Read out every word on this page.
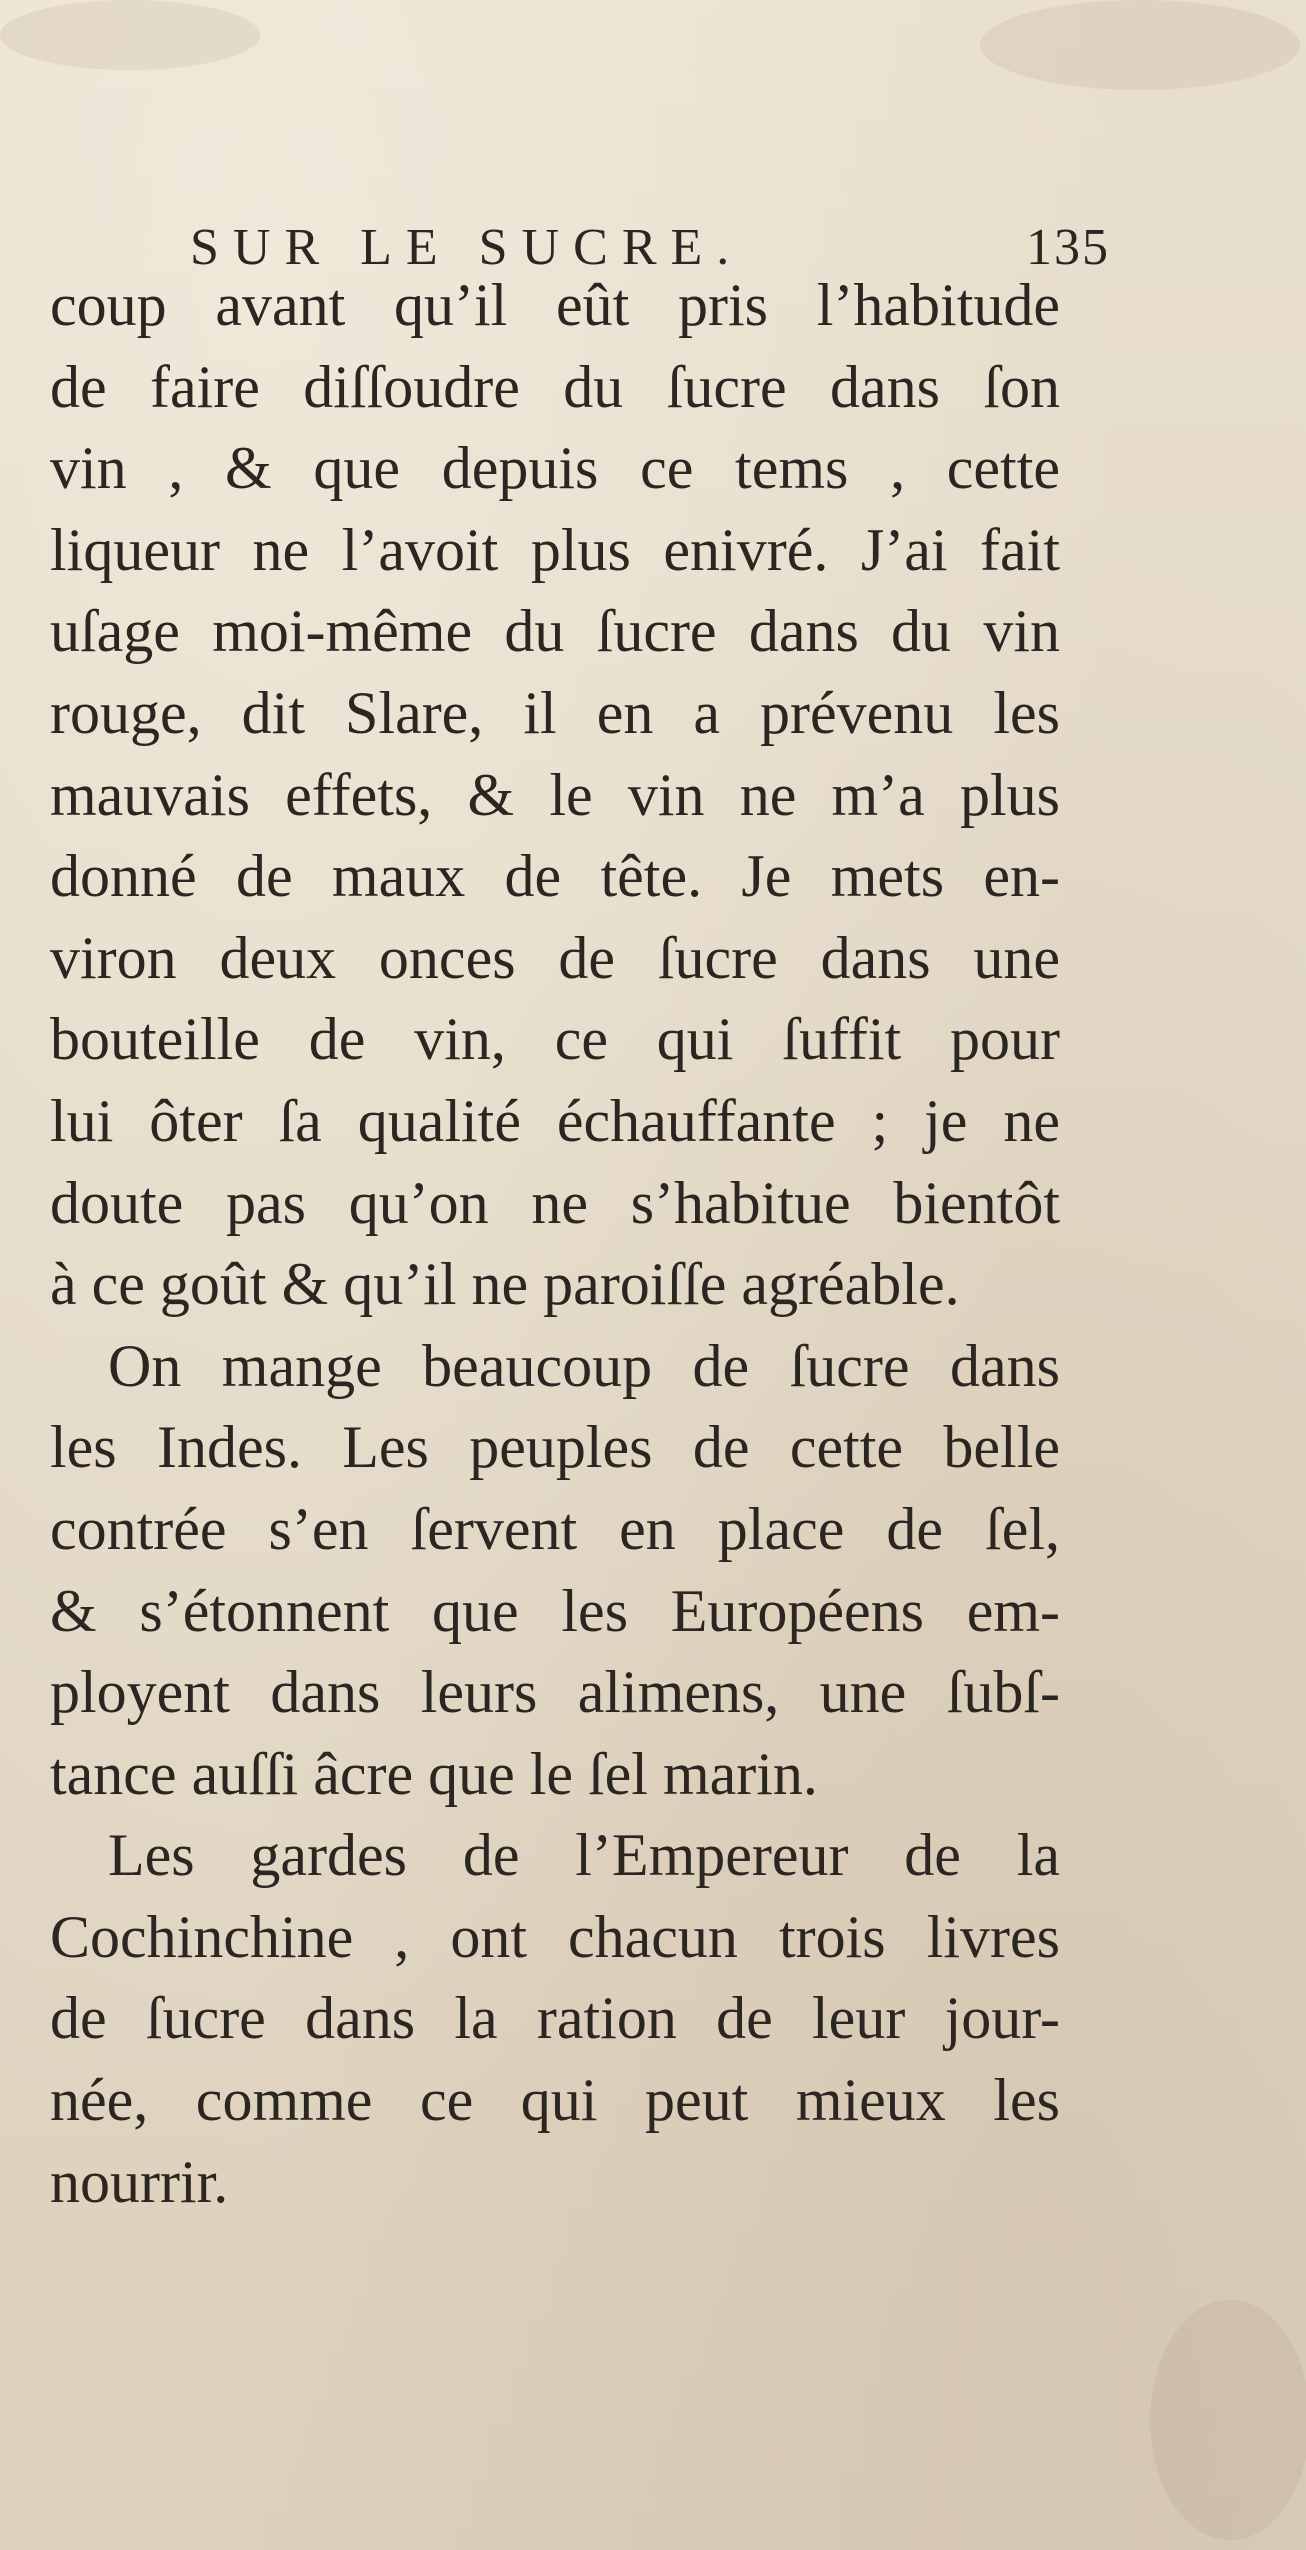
SUR LE SUCRE.	135
coup avant qu’il eût pris l’habitude
de faire diſſoudre du ſucre dans ſon
vin , & que depuis ce tems , cette
liqueur ne l’avoit plus enivré. J’ai fait
uſage moi-même du ſucre dans du vin
rouge, dit Slare, il en a prévenu les
mauvais effets, & le vin ne m’a plus
donné de maux de tête. Je mets en-
viron deux onces de ſucre dans une
bouteille de vin, ce qui ſuffit pour
lui ôter ſa qualité échauffante ; je ne
doute pas qu’on ne s’habitue bientôt
à ce goût & qu’il ne paroiſſe agréable.
On mange beaucoup de ſucre dans
les Indes. Les peuples de cette belle
contrée s’en ſervent en place de ſel,
& s’étonnent que les Européens em-
ployent dans leurs alimens, une ſubſ-
tance auſſi âcre que le ſel marin.
Les gardes de l’Empereur de la
Cochinchine , ont chacun trois livres
de ſucre dans la ration de leur jour-
née, comme ce qui peut mieux les
nourrir.
